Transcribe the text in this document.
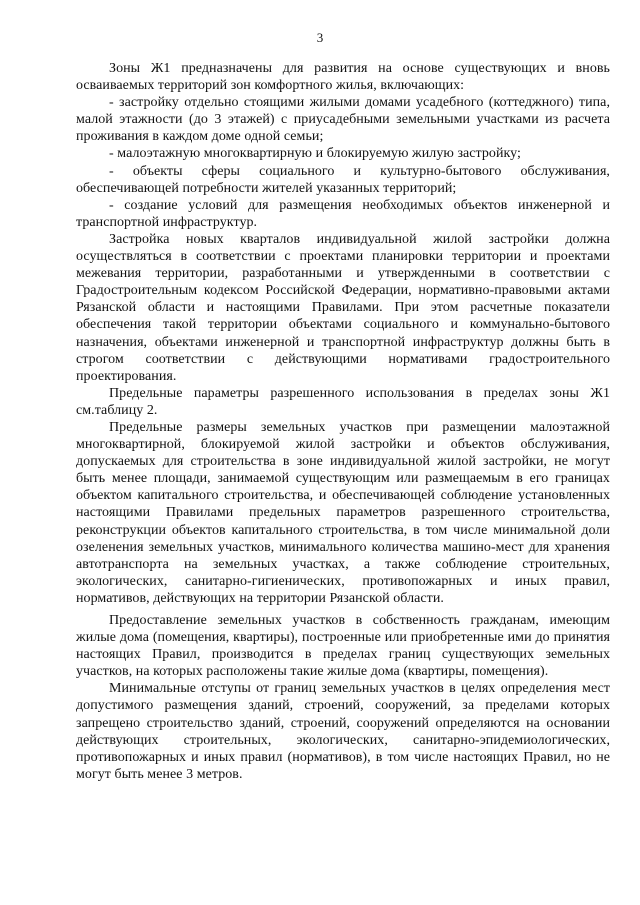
3

Зоны Ж1 предназначены для развития на основе существующих и вновь осваиваемых территорий зон комфортного жилья, включающих:

- застройку отдельно стоящими жилыми домами усадебного (коттеджного) типа, малой этажности (до 3 этажей) с приусадебными земельными участками из расчета проживания в каждом доме одной семьи;

- малоэтажную многоквартирную и блокируемую жилую застройку;

- объекты сферы социального и культурно-бытового обслуживания, обеспечивающей потребности жителей указанных территорий;

- создание условий для размещения необходимых объектов инженерной и транспортной инфраструктур.

Застройка новых кварталов индивидуальной жилой застройки должна осуществляться в соответствии с проектами планировки территории и проектами межевания территории, разработанными и утвержденными в соответствии с Градостроительным кодексом Российской Федерации, нормативно-правовыми актами Рязанской области и настоящими Правилами. При этом расчетные показатели обеспечения такой территории объектами социального и коммунально-бытового назначения, объектами инженерной и транспортной инфраструктур должны быть в строгом соответствии с действующими нормативами градостроительного проектирования.

Предельные параметры разрешенного использования в пределах зоны Ж1 см.таблицу 2.

Предельные размеры земельных участков при размещении малоэтажной многоквартирной, блокируемой жилой застройки и объектов обслуживания, допускаемых для строительства в зоне индивидуальной жилой застройки, не могут быть менее площади, занимаемой существующим или размещаемым в его границах объектом капитального строительства, и обеспечивающей соблюдение установленных настоящими Правилами предельных параметров разрешенного строительства, реконструкции объектов капитального строительства, в том числе минимальной доли озеленения земельных участков, минимального количества машино-мест для хранения автотранспорта на земельных участках, а также соблюдение строительных, экологических, санитарно-гигиенических, противопожарных и иных правил, нормативов, действующих на территории Рязанской области.

Предоставление земельных участков в собственность гражданам, имеющим жилые дома (помещения, квартиры), построенные или приобретенные ими до принятия настоящих Правил, производится в пределах границ существующих земельных участков, на которых расположены такие жилые дома (квартиры, помещения).

Минимальные отступы от границ земельных участков в целях определения мест допустимого размещения зданий, строений, сооружений, за пределами которых запрещено строительство зданий, строений, сооружений определяются на основании действующих строительных, экологических, санитарно-эпидемиологических, противопожарных и иных правил (нормативов), в том числе настоящих Правил, но не могут быть менее 3 метров.
